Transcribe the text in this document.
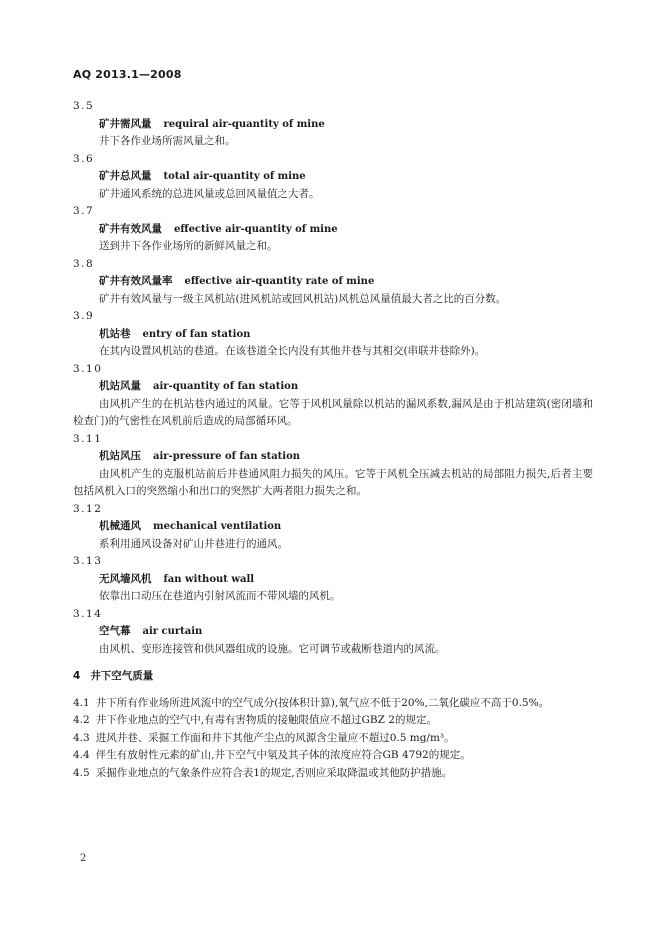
AQ 2013.1—2008
3.5
矿井需风量 requiral air-quantity of mine
井下各作业场所需风量之和。
3.6
矿井总风量 total air-quantity of mine
矿井通风系统的总进风量或总回风量值之大者。
3.7
矿井有效风量 effective air-quantity of mine
送到井下各作业场所的新鲜风量之和。
3.8
矿井有效风量率 effective air-quantity rate of mine
矿井有效风量与一级主风机站(进风机站或回风机站)风机总风量值最大者之比的百分数。
3.9
机站巷 entry of fan station
在其内设置风机站的巷道。在该巷道全长内没有其他井巷与其相交(串联井巷除外)。
3.10
机站风量 air-quantity of fan station
由风机产生的在机站巷内通过的风量。它等于风机风量除以机站的漏风系数,漏风是由于机站建筑(密闭墙和检查门)的气密性在风机前后造成的局部循环风。
3.11
机站风压 air-pressure of fan station
由风机产生的克服机站前后井巷通风阻力损失的风压。它等于风机全压减去机站的局部阻力损失,后者主要包括风机入口的突然缩小和出口的突然扩大两者阻力损失之和。
3.12
机械通风 mechanical ventilation
系利用通风设备对矿山井巷进行的通风。
3.13
无风墙风机 fan without wall
依靠出口动压在巷道内引射风流而不带风墙的风机。
3.14
空气幕 air curtain
由风机、变形连接管和供风器组成的设施。它可调节或截断巷道内的风流。
4 井下空气质量
4.1 井下所有作业场所进风流中的空气成分(按体积计算),氧气应不低于20%,二氧化碳应不高于0.5%。
4.2 井下作业地点的空气中,有毒有害物质的接触限值应不超过GBZ 2的规定。
4.3 进风井巷、采掘工作面和井下其他产尘点的风源含尘量应不超过0.5 mg/m³。
4.4 伴生有放射性元素的矿山,井下空气中氡及其子体的浓度应符合GB 4792的规定。
4.5 采掘作业地点的气象条件应符合表1的规定,否则应采取降温或其他防护措施。
2
